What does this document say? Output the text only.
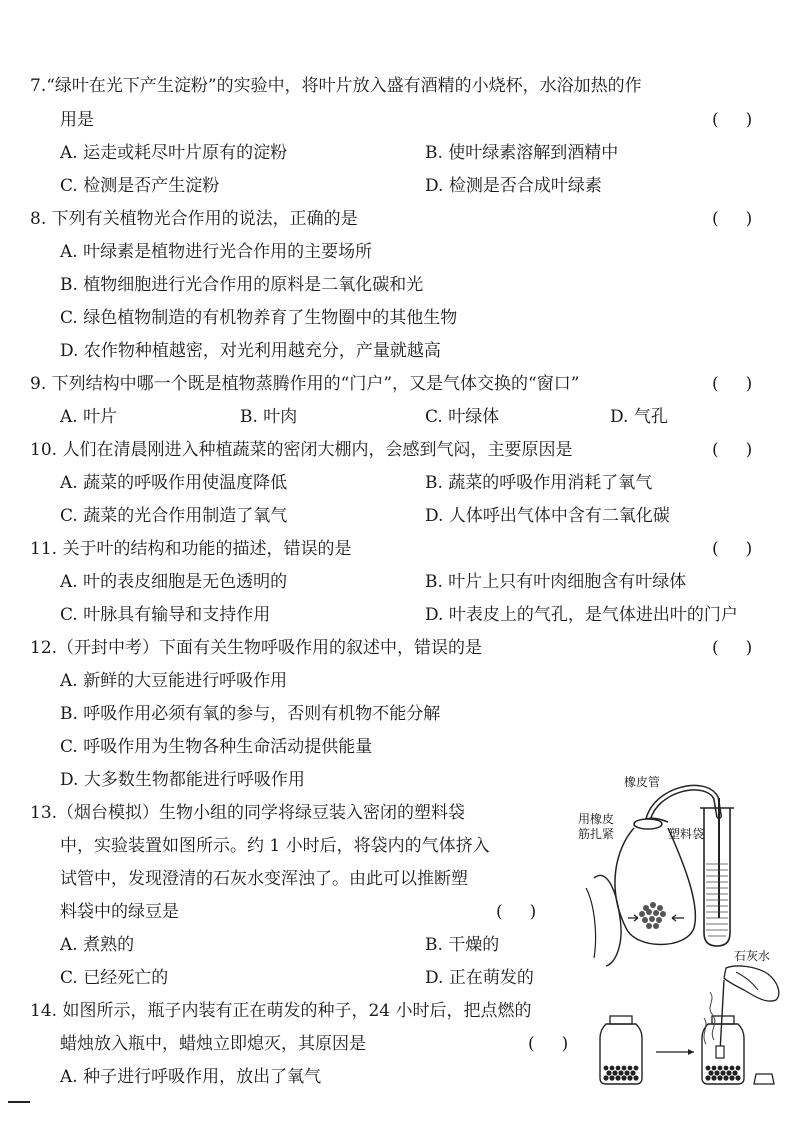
7.“绿叶在光下产生淀粉”的实验中，将叶片放入盛有酒精的小烧杯，水浴加热的作
用是	(     )
A. 运走或耗尽叶片原有的淀粉	B. 使叶绿素溶解到酒精中
C. 检测是否产生淀粉	D. 检测是否合成叶绿素
8. 下列有关植物光合作用的说法，正确的是	(     )
A. 叶绿素是植物进行光合作用的主要场所
B. 植物细胞进行光合作用的原料是二氧化碳和光
C. 绿色植物制造的有机物养育了生物圈中的其他生物
D. 农作物种植越密，对光利用越充分，产量就越高
9. 下列结构中哪一个既是植物蒸腾作用的“门户”，又是气体交换的“窗口”	(     )
A. 叶片	B. 叶肉	C. 叶绿体	D. 气孔
10. 人们在清晨刚进入种植蔬菜的密闭大棚内，会感到气闷，主要原因是	(     )
A. 蔬菜的呼吸作用使温度降低	B. 蔬菜的呼吸作用消耗了氧气
C. 蔬菜的光合作用制造了氧气	D. 人体呼出气体中含有二氧化碳
11. 关于叶的结构和功能的描述，错误的是	(     )
A. 叶的表皮细胞是无色透明的	B. 叶片上只有叶肉细胞含有叶绿体
C. 叶脉具有输导和支持作用	D. 叶表皮上的气孔，是气体进出叶的门户
12.（开封中考）下面有关生物呼吸作用的叙述中，错误的是	(     )
A. 新鲜的大豆能进行呼吸作用
B. 呼吸作用必须有氧的参与，否则有机物不能分解
C. 呼吸作用为生物各种生命活动提供能量
D. 大多数生物都能进行呼吸作用
13.（烟台模拟）生物小组的同学将绿豆装入密闭的塑料袋
中，实验装置如图所示。约 1 小时后，将袋内的气体挤入
试管中，发现澄清的石灰水变浑浊了。由此可以推断塑
料袋中的绿豆是	(     )
A. 煮熟的	B. 干燥的
C. 已经死亡的	D. 正在萌发的
橡皮管
用橡皮
筋扎紧	塑料袋
石灰水
14. 如图所示，瓶子内装有正在萌发的种子，24 小时后，把点燃的
蜡烛放入瓶中，蜡烛立即熄灭，其原因是	(     )
A. 种子进行呼吸作用，放出了氧气
